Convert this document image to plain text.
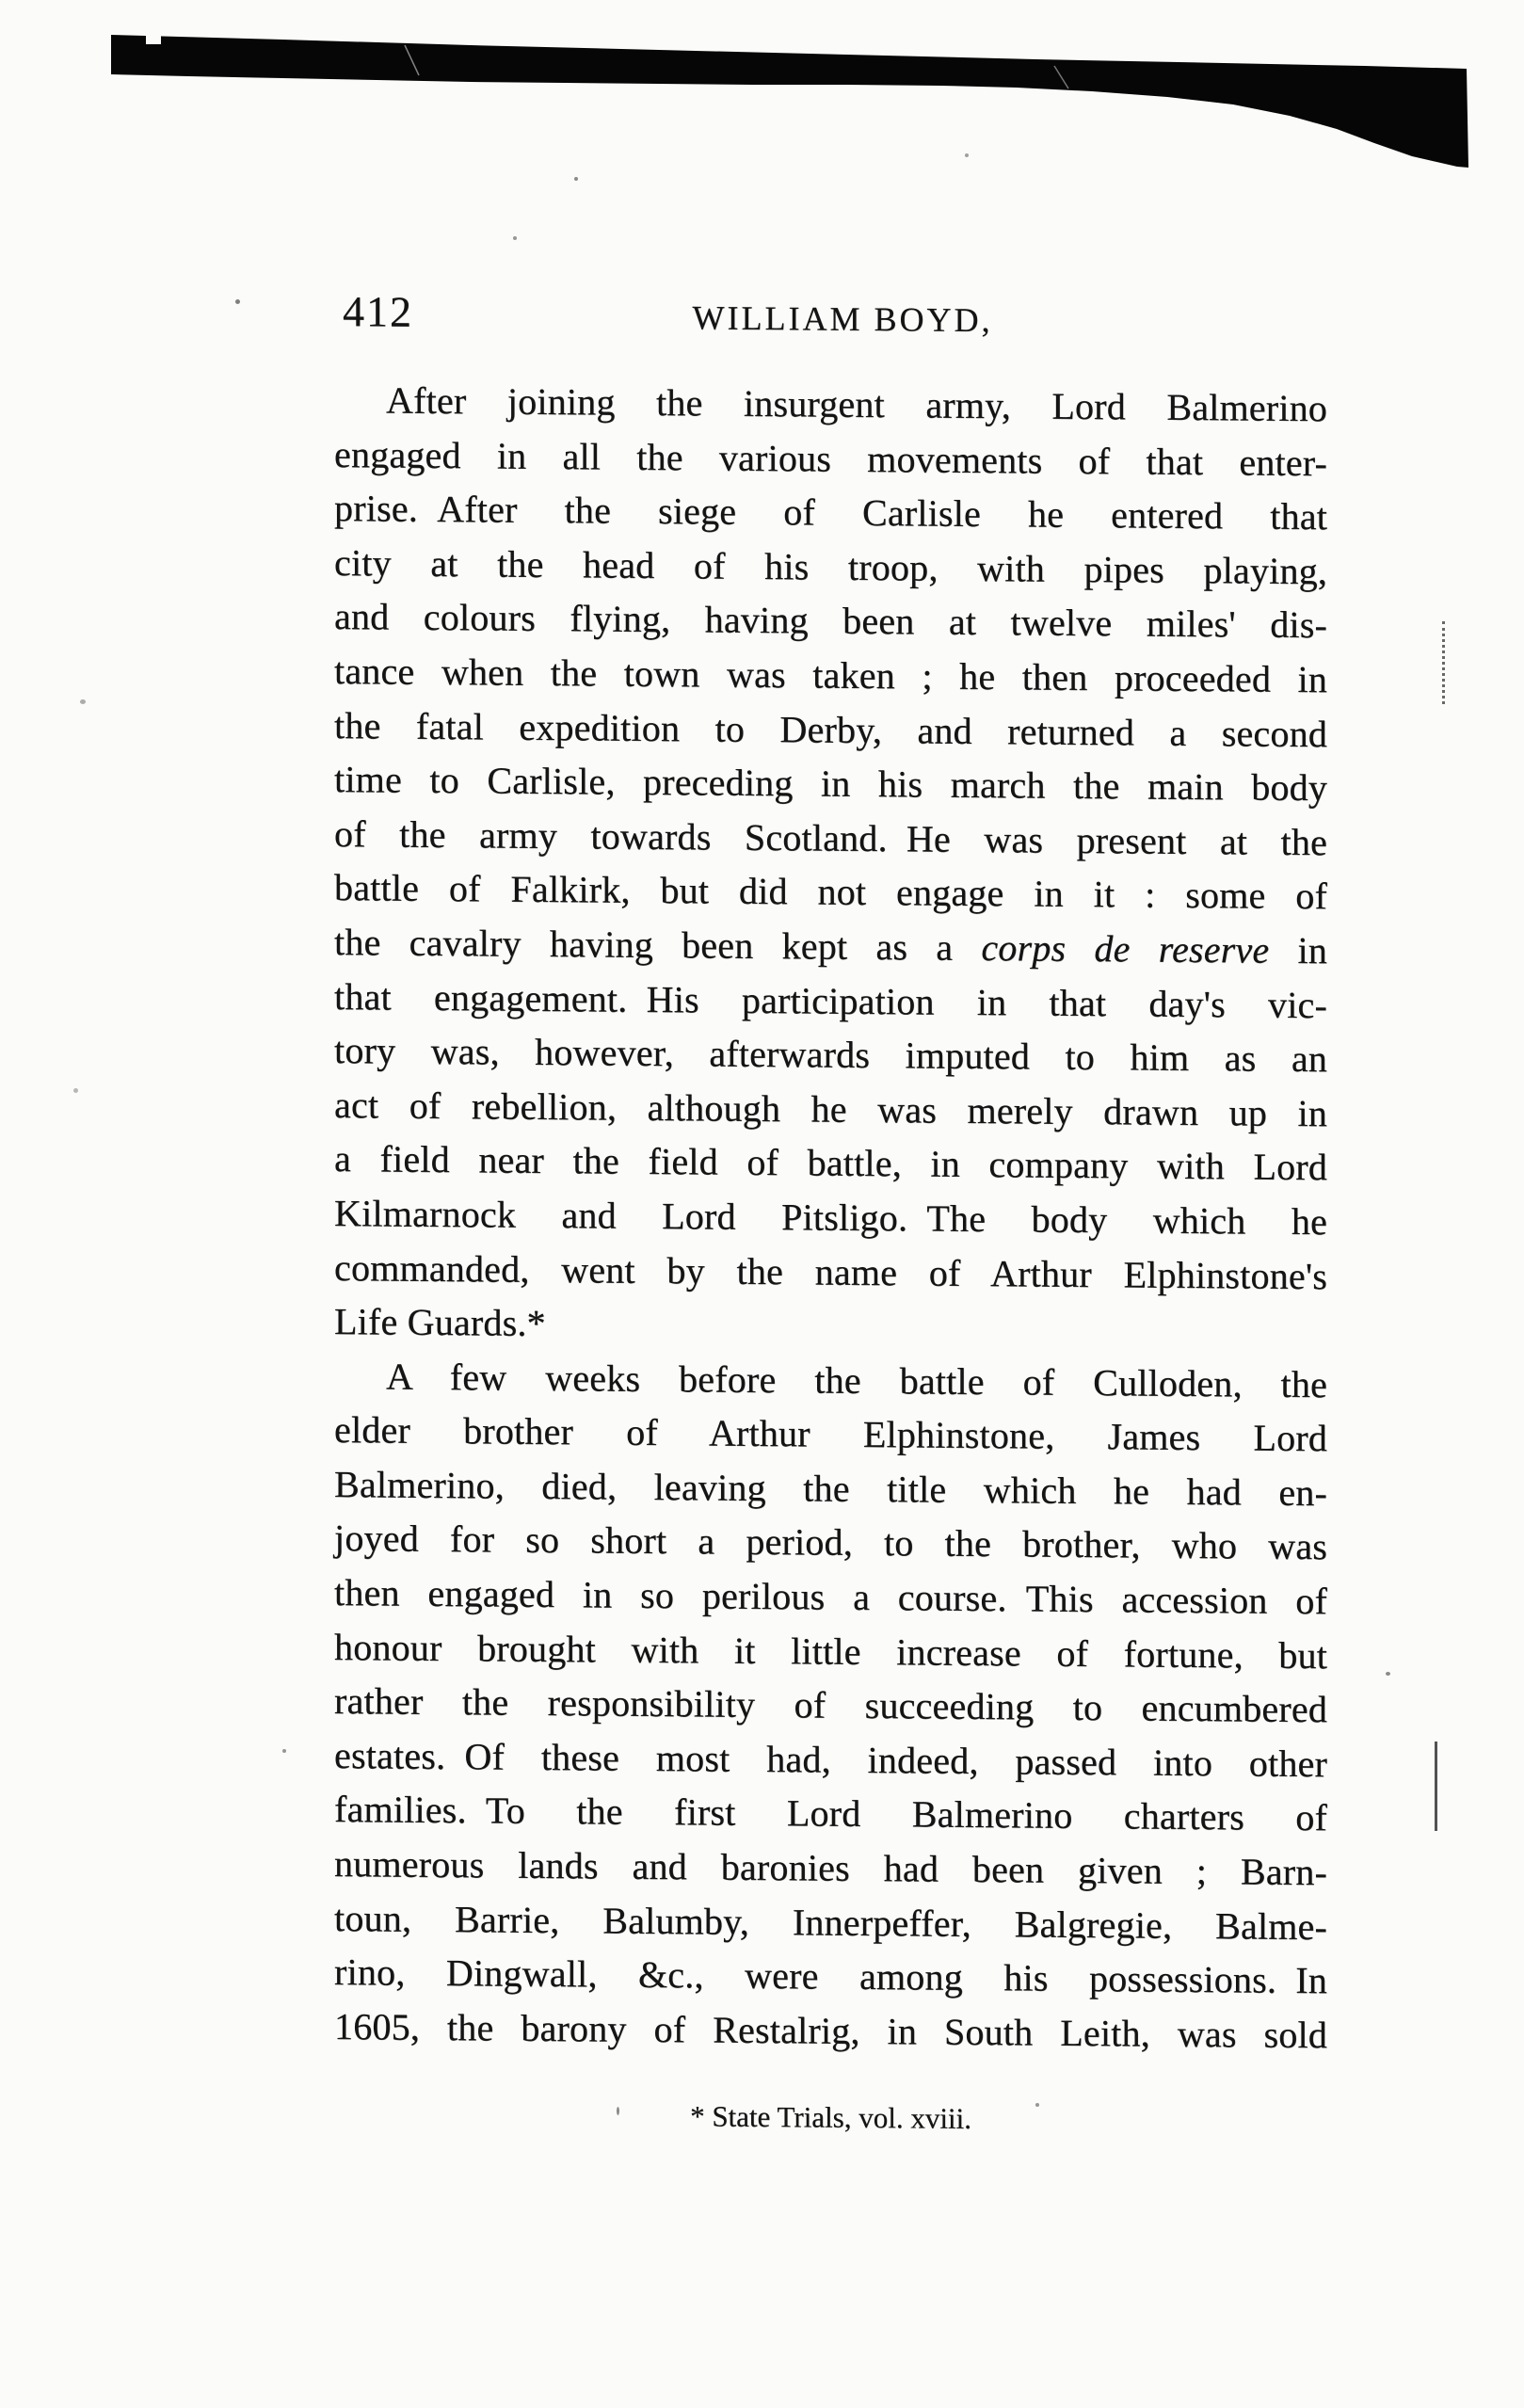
412	WILLIAM BOYD,
After joining the insurgent army, Lord Balmerino
engaged in all the various movements of that enter-
prise. After the siege of Carlisle he entered that
city at the head of his troop, with pipes playing,
and colours flying, having been at twelve miles' dis-
tance when the town was taken ; he then proceeded in
the fatal expedition to Derby, and returned a second
time to Carlisle, preceding in his march the main body
of the army towards Scotland. He was present at the
battle of Falkirk, but did not engage in it : some of
the cavalry having been kept as a corps de reserve in
that engagement. His participation in that day's vic-
tory was, however, afterwards imputed to him as an
act of rebellion, although he was merely drawn up in
a field near the field of battle, in company with Lord
Kilmarnock and Lord Pitsligo. The body which he
commanded, went by the name of Arthur Elphinstone's
Life Guards.*
A few weeks before the battle of Culloden, the
elder brother of Arthur Elphinstone, James Lord
Balmerino, died, leaving the title which he had en-
joyed for so short a period, to the brother, who was
then engaged in so perilous a course. This accession of
honour brought with it little increase of fortune, but
rather the responsibility of succeeding to encumbered
estates. Of these most had, indeed, passed into other
families. To the first Lord Balmerino charters of
numerous lands and baronies had been given ; Barn-
toun, Barrie, Balumby, Innerpeffer, Balgregie, Balme-
rino, Dingwall, &c., were among his possessions. In
1605, the barony of Restalrig, in South Leith, was sold
* State Trials, vol. xviii.
